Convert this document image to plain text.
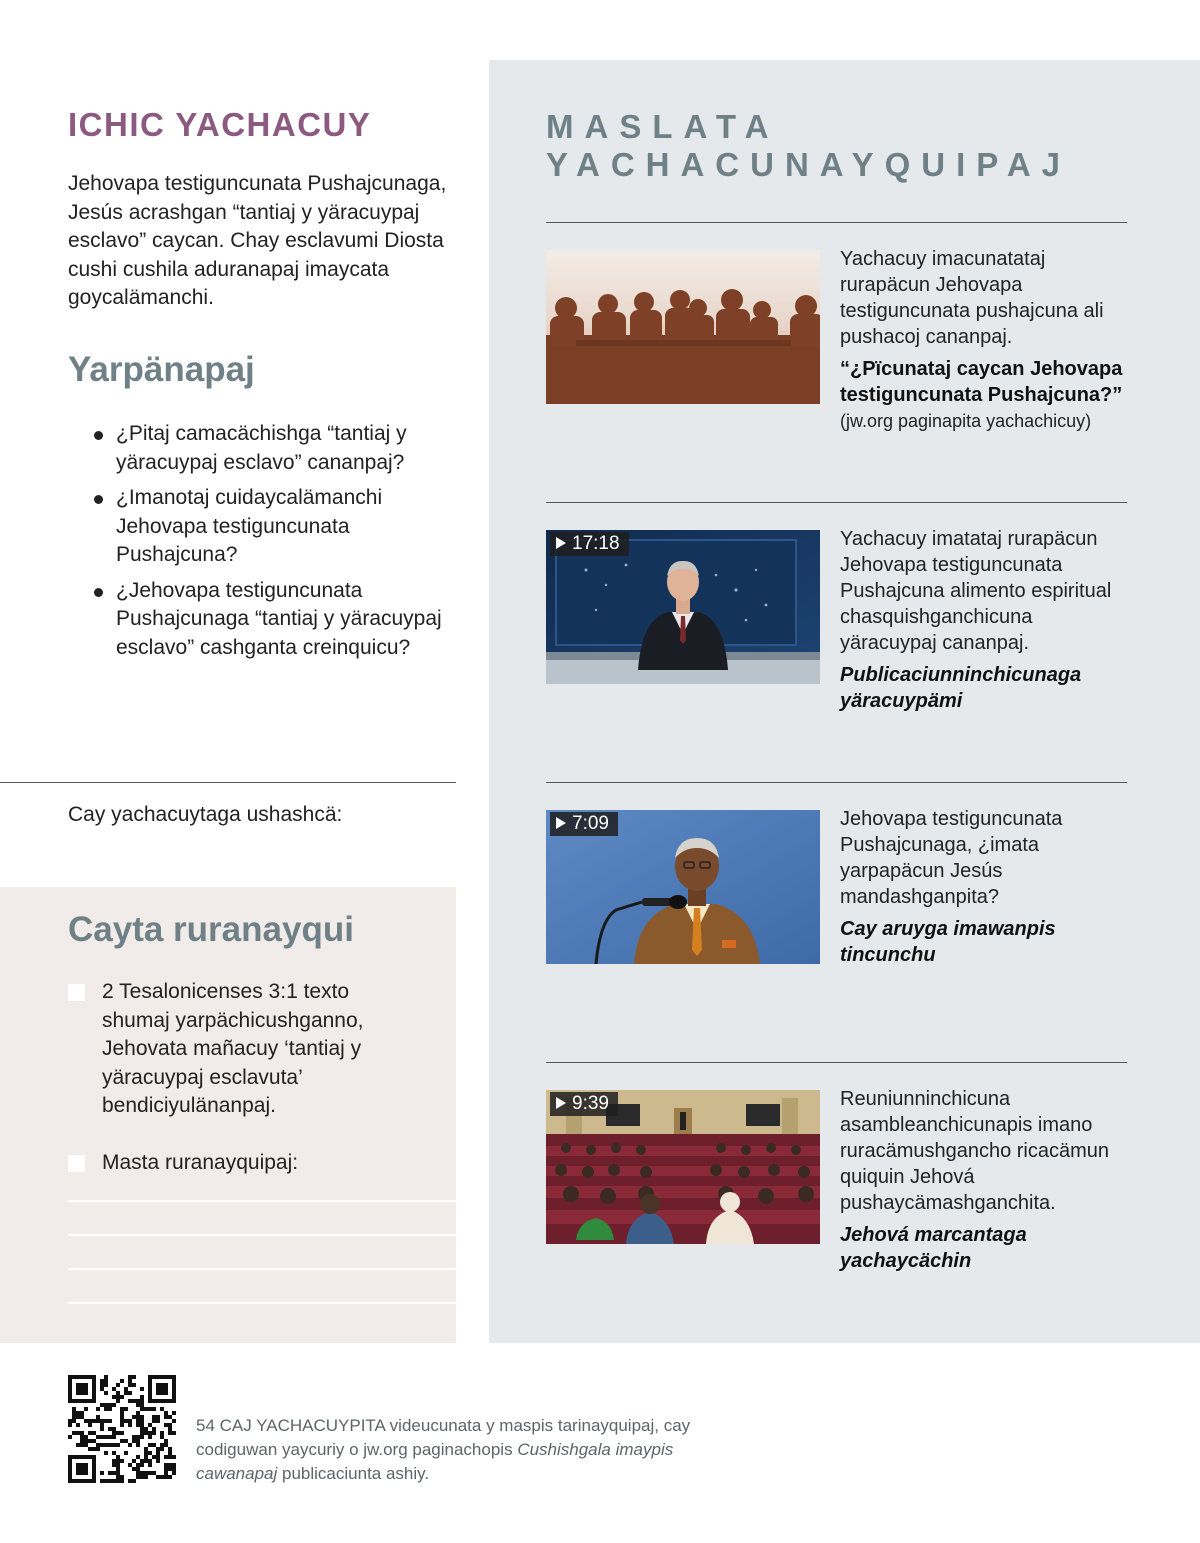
ICHIC YACHACUY

Jehovapa testiguncunata Pushajcunaga, Jesús acrashgan “tantiaj y yäracuypaj esclavo” caycan. Chay esclavumi Diosta cushi cushila aduranapaj imaycata goycalämanchi.

Yarpänapaj
¿Pitaj camacächishga “tantiaj y yäracuypaj esclavo” cananpaj?
¿Imanotaj cuidaycalämanchi Jehovapa testiguncunata Pushajcuna?
¿Jehovapa testiguncunata Pushajcunaga “tantiaj y yäracuypaj esclavo” cashganta creinquicu?

Cay yachacuytaga ushashcä:

Cayta ruranayqui
2 Tesalonicenses 3:1 texto shumaj yarpächicushganno, Jehovata mañacuy ‘tantiaj y yäracuypaj esclavuta’ bendiciyulänanpaj.
Masta ruranayquipaj:
MASLATA
YACHACUNAYQUIPAJ

Yachacuy imacunatataj rurapäcun Jehovapa testiguncunata pushajcuna ali pushacoj cananpaj.

“¿Pïcunataj caycan Jehovapa testiguncunata Pushajcuna?”

(jw.org paginapita yachachicuy)

17:18	Yachacuy imatataj rurapäcun Jehovapa testiguncunata Pushajcuna alimento espiritual chasquishganchicuna yäracuypaj cananpaj.

Publicaciunninchicunaga yäracuypämi

7:09	Jehovapa testiguncunata Pushajcunaga, ¿imata yarpapäcun Jesús mandashganpita?

Cay aruyga imawanpis tincunchu

9:39	Reuniunninchicuna asambleanchicunapis imano ruracämushgancho ricacämun quiquin Jehová pushaycämashganchita.

Jehová marcantaga yachaycächin

54 CAJ YACHACUYPITA videucunata y maspis tarinayquipaj, cay codiguwan yaycuriy o jw.org paginachopis Cushishgala imaypis cawanapaj publicaciunta ashiy.
